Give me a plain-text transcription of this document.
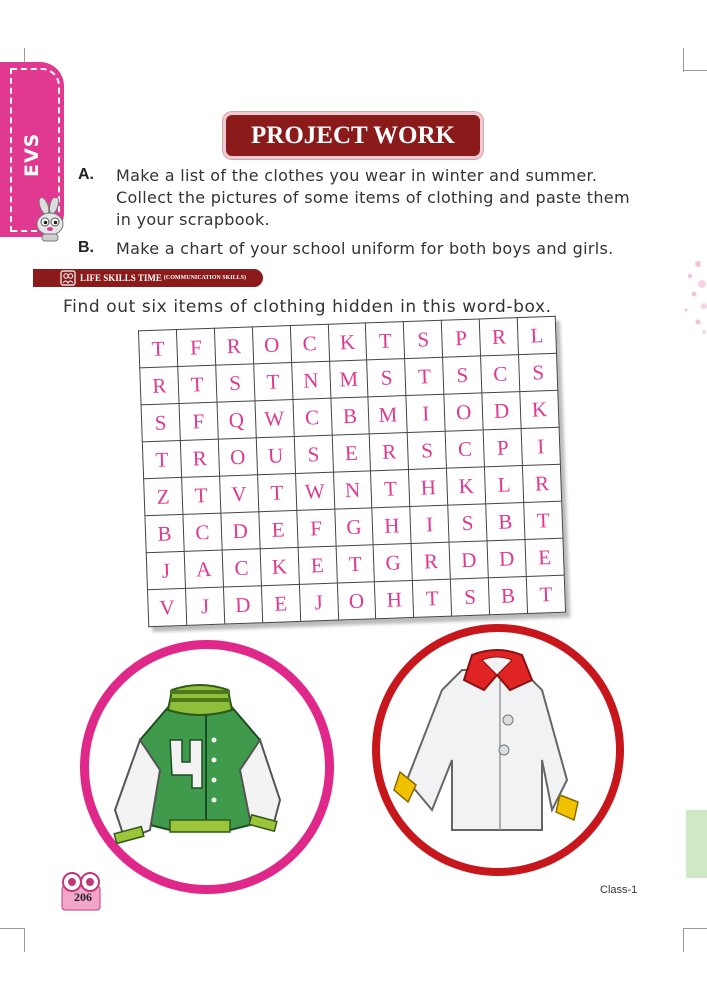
EVS	PROJECT WORK
A. Make a list of the clothes you wear in winter and summer.
Collect the pictures of some items of clothing and paste them
in your scrapbook.
B. Make a chart of your school uniform for both boys and girls.
LIFE SKILLS TIME (COMMUNICATION SKILLS)
Find out six items of clothing hidden in this word-box.
T	F	R	O	C	K	T	S	P	R	L
R	T	S	T	N	M	S	T	S	C	S
S	F	Q	W	C	B	M	I	O	D	K
T	R	O	U	S	E	R	S	C	P	I
Z	T	V	T	W	N	T	H	K	L	R
B	C	D	E	F	G	H	I	S	B	T
J	A	C	K	E	T	G	R	D	D	E
V	J	D	E	J	O	H	T	S	B	T
206	Class-1
